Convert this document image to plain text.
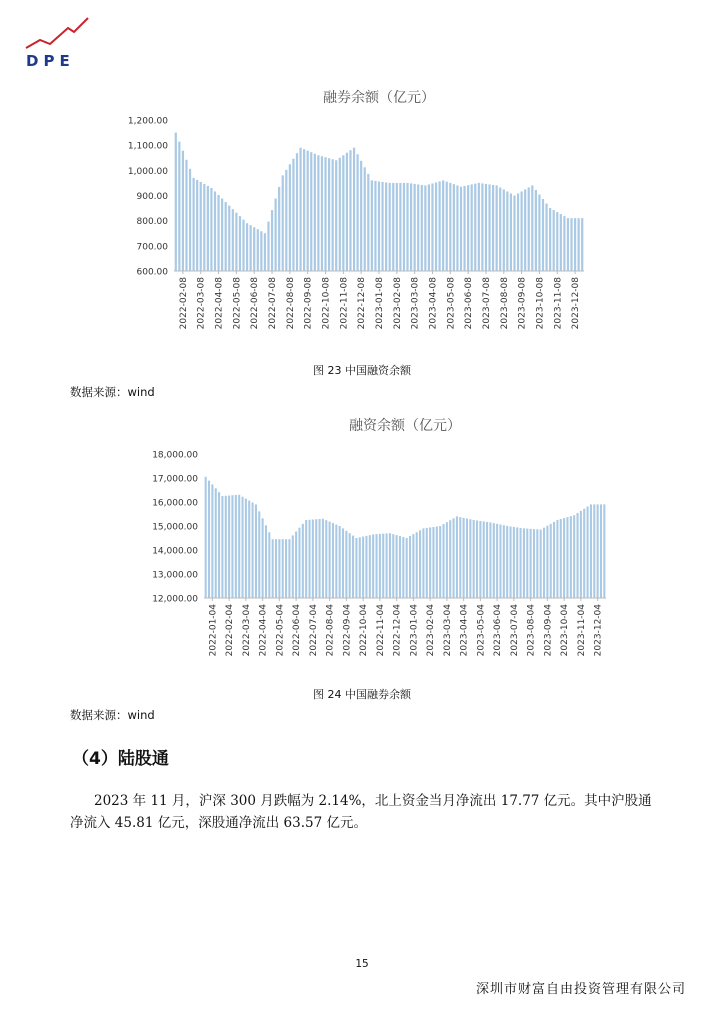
DPE
融券余额（亿元）
1,200.00
1,100.00
1,000.00
900.00
800.00
700.00
600.00
2022-02-08 2022-03-08 2022-04-08 2022-05-08 2022-06-08 2022-07-08 2022-08-08 2022-09-08 2022-10-08 2022-11-08 2022-12-08 2023-01-08 2023-02-08 2023-03-08 2023-04-08 2023-05-08 2023-06-08 2023-07-08 2023-08-08 2023-09-08 2023-10-08 2023-11-08 2023-12-08
图 23 中国融资余额
数据来源：wind
融资余额（亿元）
18,000.00
17,000.00
16,000.00
15,000.00
14,000.00
13,000.00
12,000.00
2022-01-04 2022-02-04 2022-03-04 2022-04-04 2022-05-04 2022-06-04 2022-07-04 2022-08-04 2022-09-04 2022-10-04 2022-11-04 2022-12-04 2023-01-04 2023-02-04 2023-03-04 2023-04-04 2023-05-04 2023-06-04 2023-07-04 2023-08-04 2023-09-04 2023-10-04 2023-11-04 2023-12-04
图 24 中国融券余额
数据来源：wind
（4）陆股通
2023 年 11 月，沪深 300 月跌幅为 2.14%，北上资金当月净流出 17.77 亿元。其中沪股通净流入 45.81 亿元，深股通净流出 63.57 亿元。
15
深圳市财富自由投资管理有限公司
